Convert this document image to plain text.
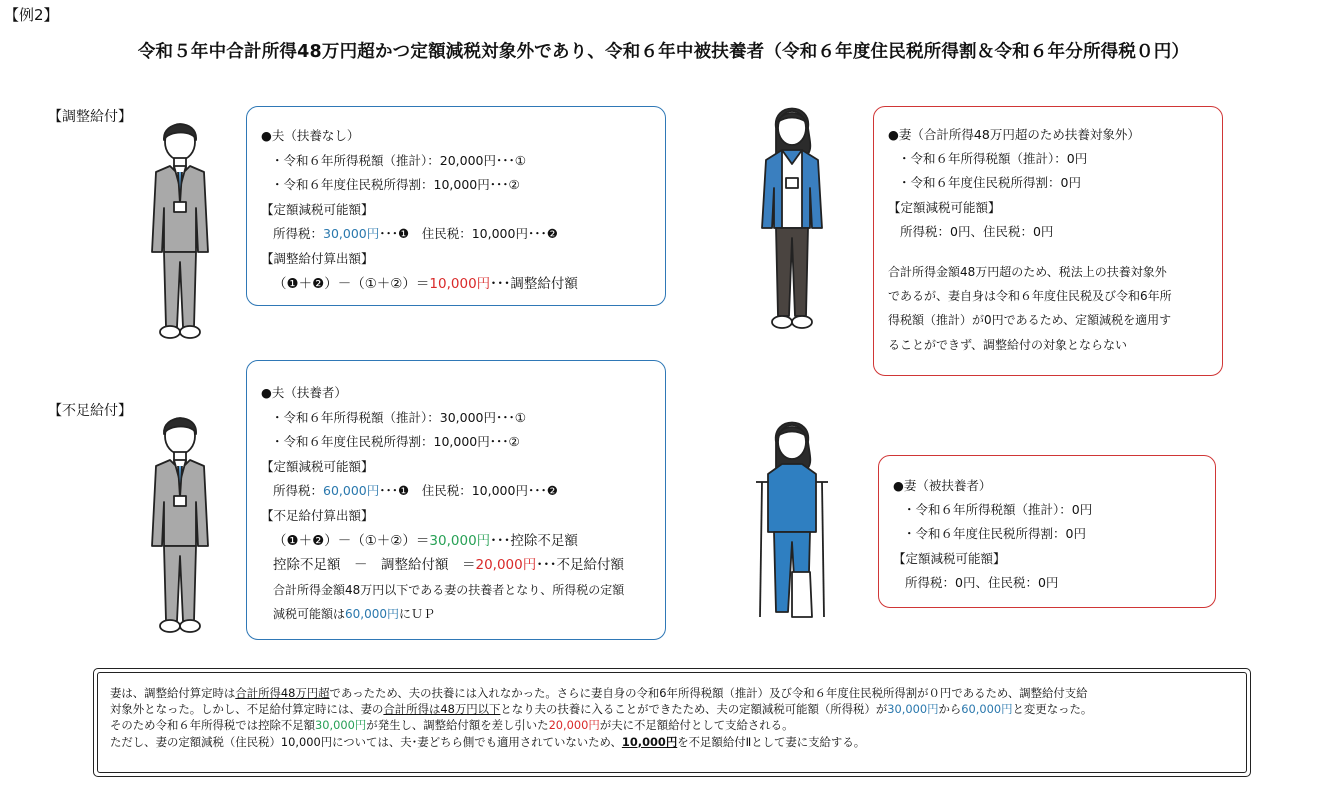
【例2】
令和５年中合計所得48万円超かつ定額減税対象外であり、令和６年中被扶養者（令和６年度住民税所得割＆令和６年分所得税０円）
【調整給付】
【不足給付】
●夫（扶養なし）
・令和６年所得税額（推計）：20,000円･･･①
・令和６年度住民税所得割：10,000円･･･②
【定額減税可能額】
所得税：30,000円･･･❶　住民税：10,000円･･･❷
【調整給付算出額】
（❶＋❷）－（①＋②）＝10,000円･･･調整給付額
●夫（扶養者）
・令和６年所得税額（推計）：30,000円･･･①
・令和６年度住民税所得割：10,000円･･･②
【定額減税可能額】
所得税：60,000円･･･❶　住民税：10,000円･･･❷
【不足給付算出額】
（❶＋❷）－（①＋②）＝30,000円･･･控除不足額
控除不足額　－　調整給付額　＝20,000円･･･不足給付額
合計所得金額48万円以下である妻の扶養者となり、所得税の定額
減税可能額は60,000円にＵＰ
●妻（合計所得48万円超のため扶養対象外）
・令和６年所得税額（推計）：0円
・令和６年度住民税所得割：0円
【定額減税可能額】
所得税：0円、住民税：0円
合計所得金額48万円超のため、税法上の扶養対象外
であるが、妻自身は令和６年度住民税及び令和6年所
得税額（推計）が0円であるため、定額減税を適用す
ることができず、調整給付の対象とならない
●妻（被扶養者）
・令和６年所得税額（推計）：0円
・令和６年度住民税所得割：0円
【定額減税可能額】
所得税：0円、住民税：0円
妻は、調整給付算定時は合計所得48万円超であったため、夫の扶養には入れなかった。さらに妻自身の令和6年所得税額（推計）及び令和６年度住民税所得割が０円であるため、調整給付支給
対象外となった。しかし、不足給付算定時には、妻の合計所得は48万円以下となり夫の扶養に入ることができたため、夫の定額減税可能額（所得税）が30,000円から60,000円と変更なった。
そのため令和６年所得税では控除不足額30,000円が発生し、調整給付額を差し引いた20,000円が夫に不足額給付として支給される。
ただし、妻の定額減税（住民税）10,000円については、夫･妻どちら側でも適用されていないため、10,000円を不足額給付Ⅱとして妻に支給する。
